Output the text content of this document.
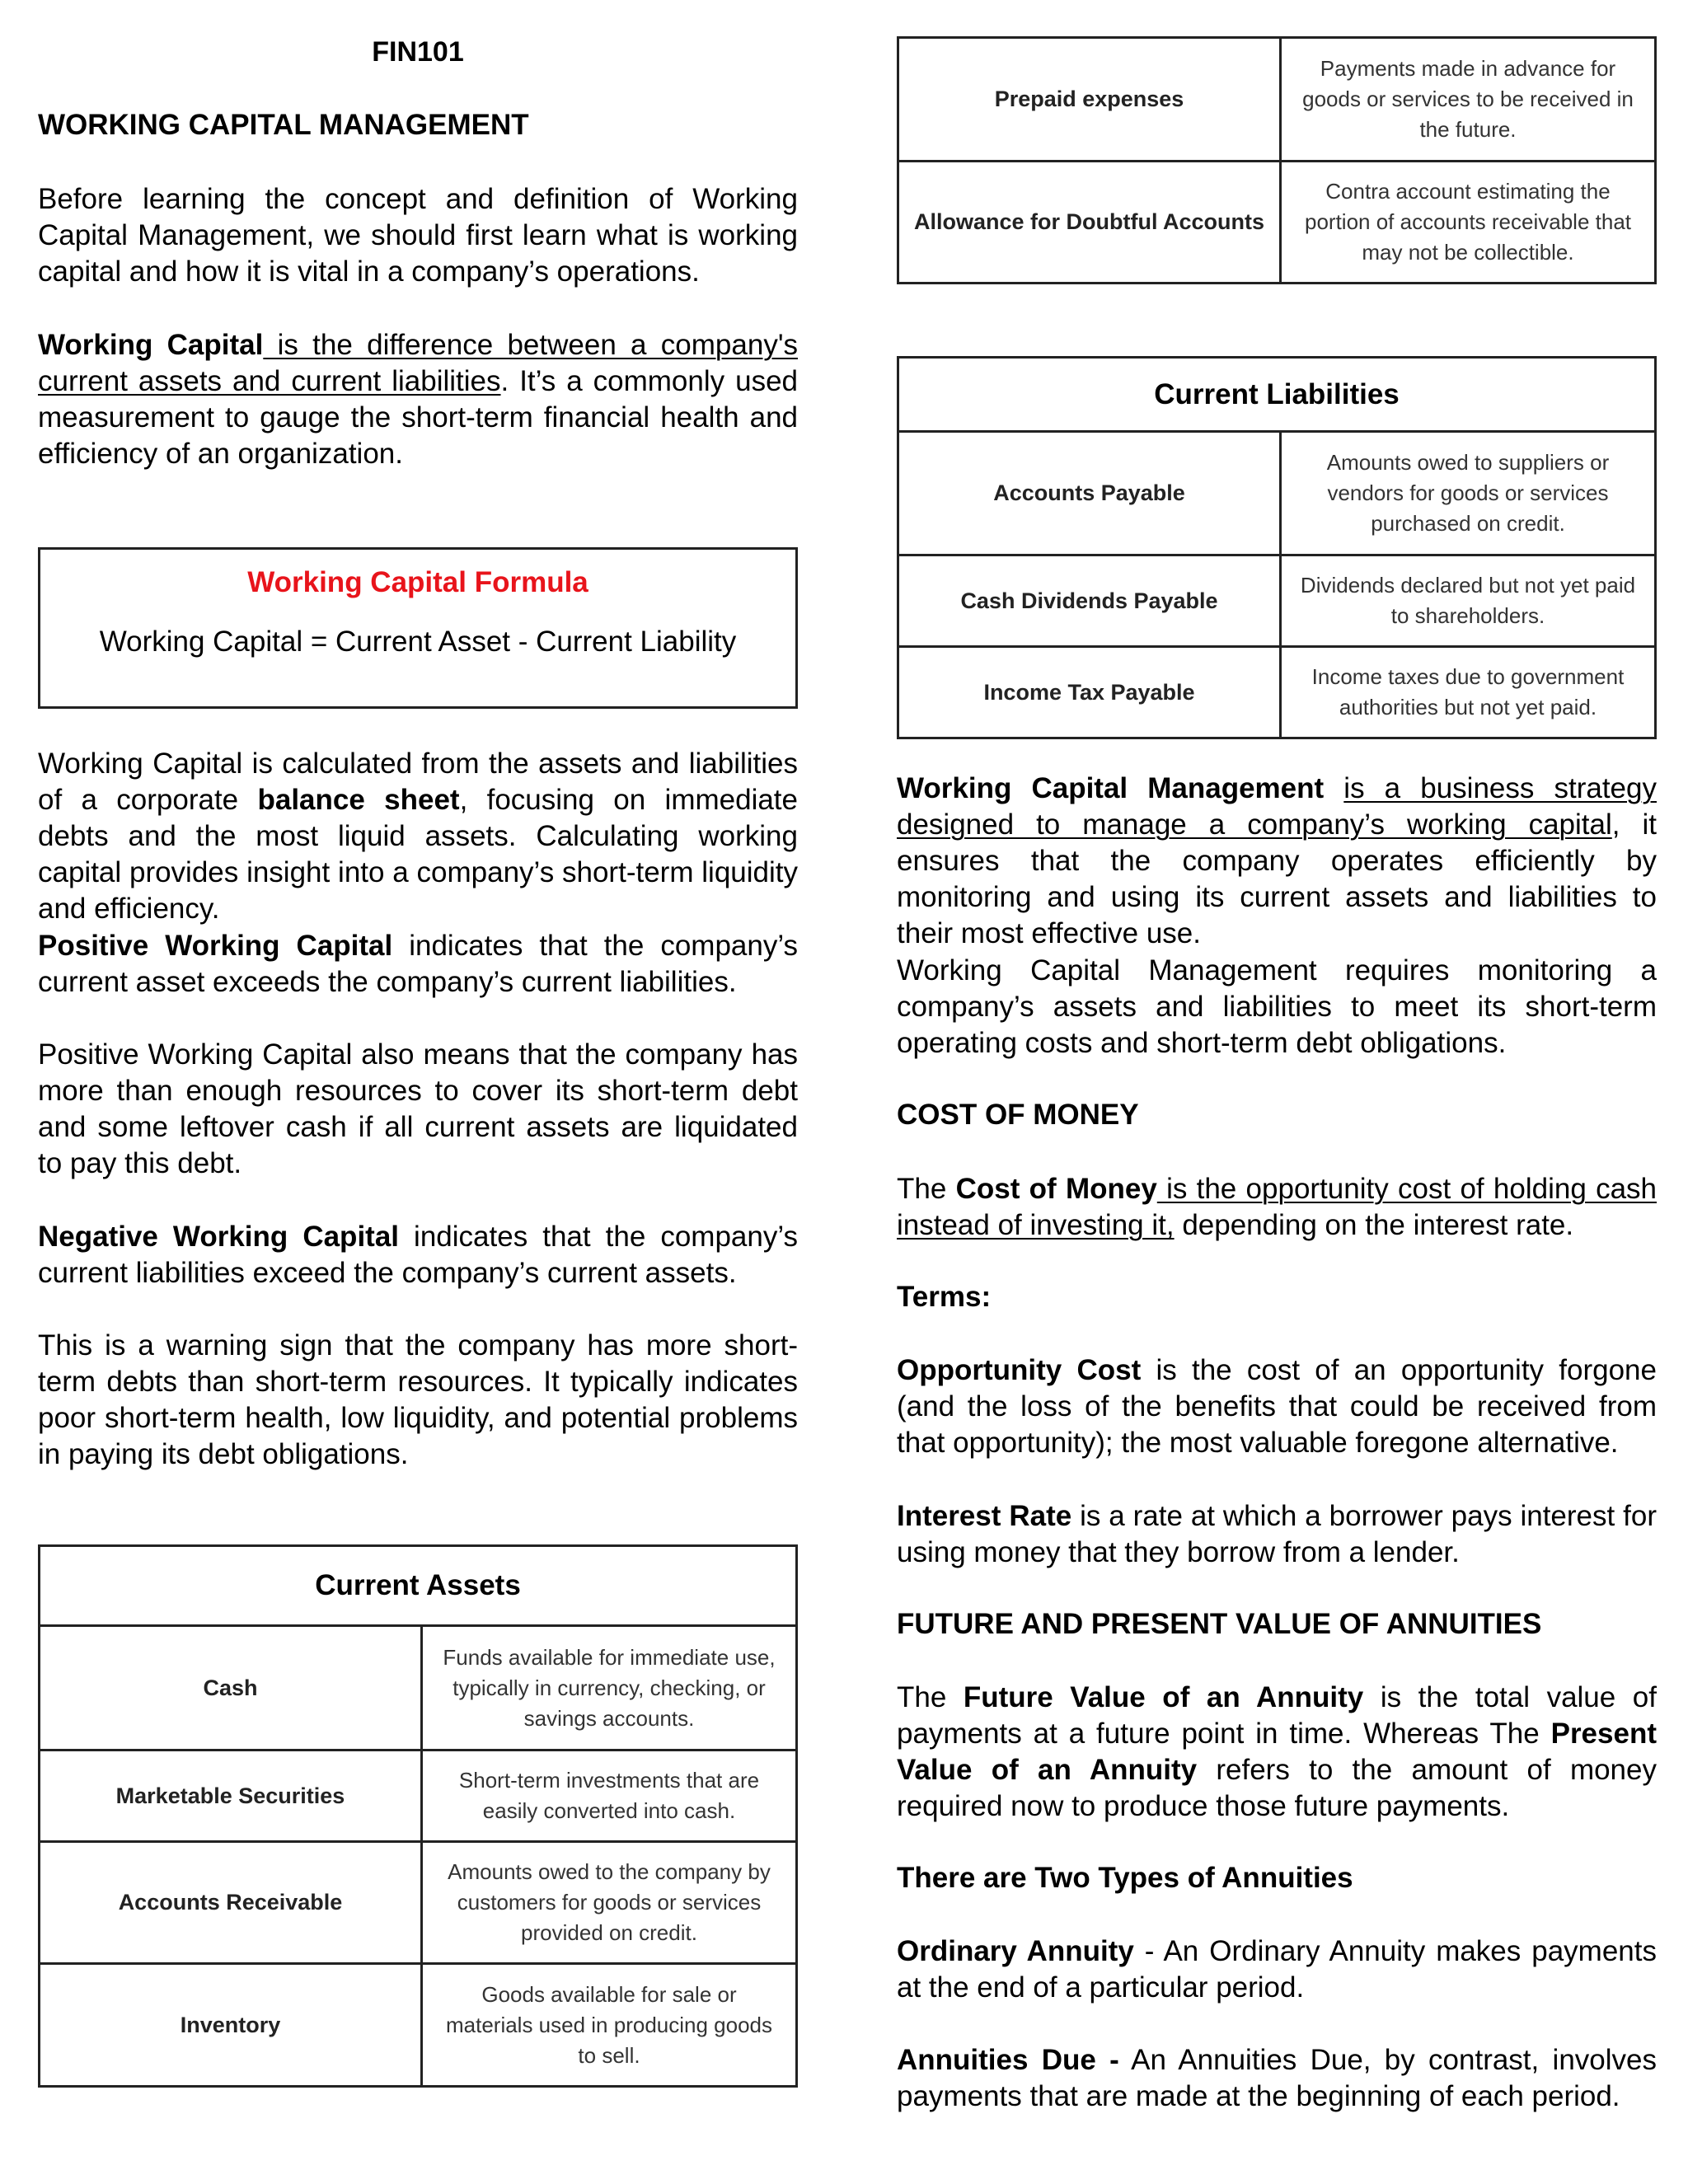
FIN101
WORKING CAPITAL MANAGEMENT

Before learning the concept and definition of Working Capital Management, we should first learn what is working capital and how it is vital in a company’s operations.

Working Capital is the difference between a company's current assets and current liabilities. It’s a commonly used measurement to gauge the short-term financial health and efficiency of an organization.

Working Capital Formula
Working Capital = Current Asset - Current Liability

Working Capital is calculated from the assets and liabilities of a corporate balance sheet, focusing on immediate debts and the most liquid assets. Calculating working capital provides insight into a company’s short-term liquidity and efficiency.

Positive Working Capital indicates that the company’s current asset exceeds the company’s current liabilities.

Positive Working Capital also means that the company has more than enough resources to cover its short-term debt and some leftover cash if all current assets are liquidated to pay this debt.

Negative Working Capital indicates that the company’s current liabilities exceed the company’s current assets.

This is a warning sign that the company has more short-term debts than short-term resources. It typically indicates poor short-term health, low liquidity, and potential problems in paying its debt obligations.

Current Assets	
Cash	Funds available for immediate use, typically in currency, checking, or savings accounts.
Marketable Securities	Short-term investments that are easily converted into cash.
Accounts Receivable	Amounts owed to the company by customers for goods or services provided on credit.
Inventory	Goods available for sale or materials used in producing goods to sell.
Prepaid expenses	Payments made in advance for goods or services to be received in the future.
Allowance for Doubtful Accounts	Contra account estimating the portion of accounts receivable that may not be collectible.
Current Liabilities	
Accounts Payable	Amounts owed to suppliers or vendors for goods or services purchased on credit.
Cash Dividends Payable	Dividends declared but not yet paid to shareholders.
Income Tax Payable	Income taxes due to government authorities but not yet paid.

Working Capital Management is a business strategy designed to manage a company’s working capital, it ensures that the company operates efficiently by monitoring and using its current assets and liabilities to their most effective use.

Working Capital Management requires monitoring a company’s assets and liabilities to meet its short-term operating costs and short-term debt obligations.

COST OF MONEY

The Cost of Money is the opportunity cost of holding cash instead of investing it, depending on the interest rate.

Terms:

Opportunity Cost is the cost of an opportunity forgone (and the loss of the benefits that could be received from that opportunity); the most valuable foregone alternative.

Interest Rate is a rate at which a borrower pays interest for using money that they borrow from a lender.

FUTURE AND PRESENT VALUE OF ANNUITIES

The Future Value of an Annuity is the total value of payments at a future point in time. Whereas The Present Value of an Annuity refers to the amount of money required now to produce those future payments.

There are Two Types of Annuities

Ordinary Annuity - An Ordinary Annuity makes payments at the end of a particular period.

Annuities Due - An Annuities Due, by contrast, involves payments that are made at the beginning of each period.
